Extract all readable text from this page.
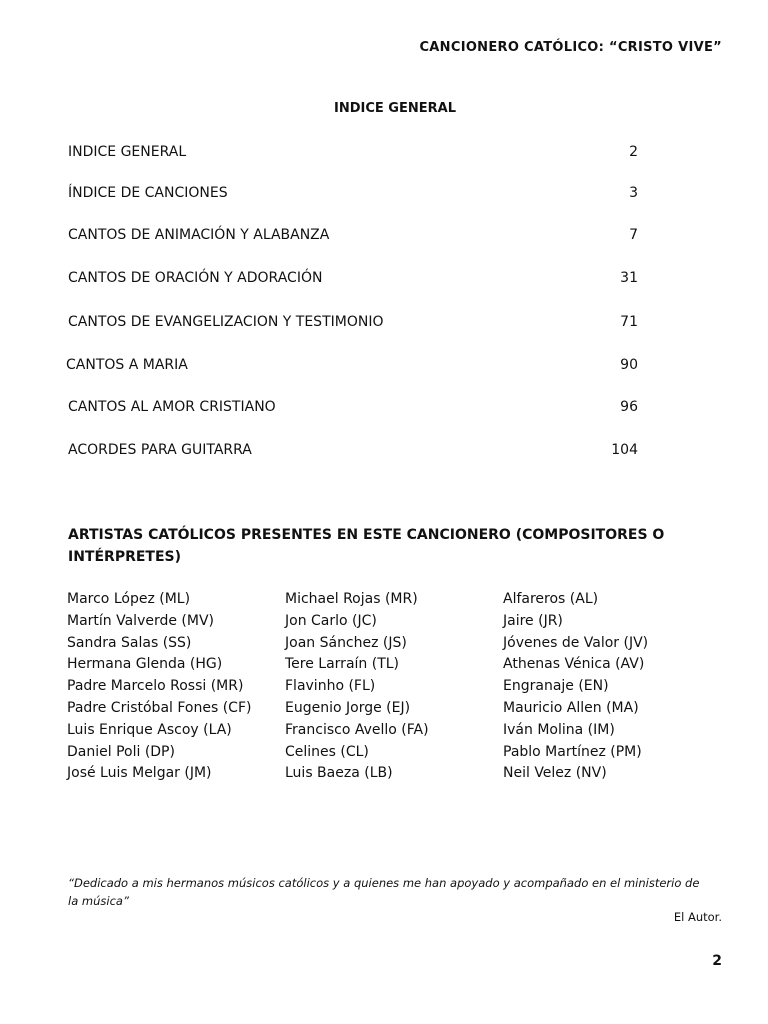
CANCIONERO CATÓLICO: “CRISTO VIVE”
INDICE GENERAL
INDICE GENERAL	2
ÍNDICE DE CANCIONES	3
CANTOS DE ANIMACIÓN Y ALABANZA	7
CANTOS DE ORACIÓN Y ADORACIÓN	31
CANTOS DE EVANGELIZACION Y TESTIMONIO	71
CANTOS A MARIA	90
CANTOS AL AMOR CRISTIANO	96
ACORDES PARA GUITARRA	104
ARTISTAS CATÓLICOS PRESENTES EN ESTE CANCIONERO (COMPOSITORES O INTÉRPRETES)
Marco López (ML)
Martín Valverde (MV)
Sandra Salas (SS)
Hermana Glenda (HG)
Padre Marcelo Rossi (MR)
Padre Cristóbal Fones (CF)
Luis Enrique Ascoy (LA)
Daniel Poli (DP)
José Luis Melgar (JM)
Michael Rojas (MR)
Jon Carlo (JC)
Joan Sánchez (JS)
Tere Larraín (TL)
Flavinho (FL)
Eugenio Jorge (EJ)
Francisco Avello (FA)
Celines (CL)
Luis Baeza (LB)
Alfareros (AL)
Jaire (JR)
Jóvenes de Valor (JV)
Athenas Vénica (AV)
Engranaje (EN)
Mauricio Allen (MA)
Iván Molina (IM)
Pablo Martínez (PM)
Neil Velez (NV)
“Dedicado a mis hermanos músicos católicos y a quienes me han apoyado y acompañado en el ministerio de la música”
El Autor.
2
